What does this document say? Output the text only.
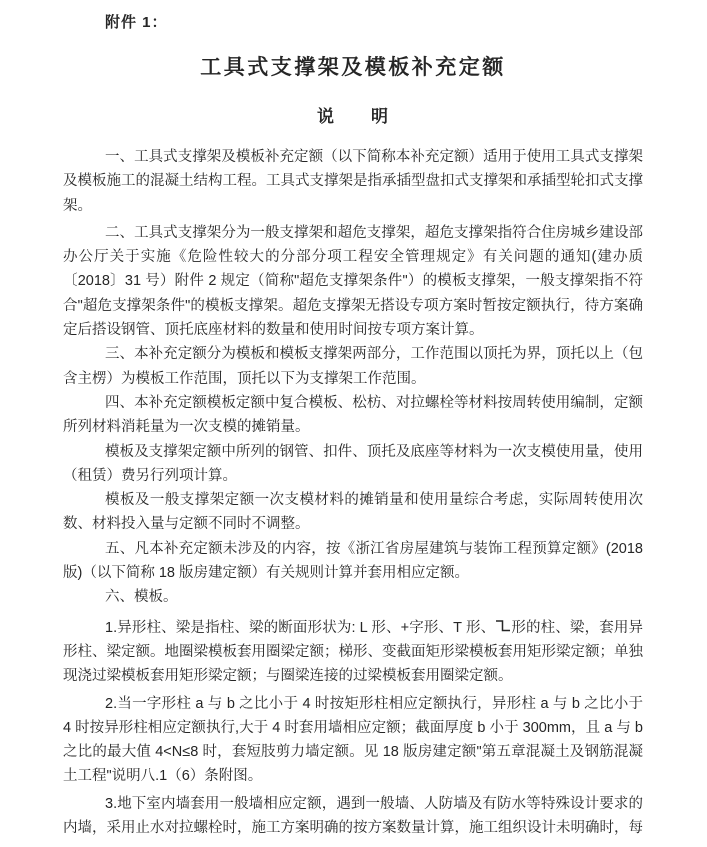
附件 1：
工具式支撑架及模板补充定额
说　　明

一、工具式支撑架及模板补充定额（以下简称本补充定额）适用于使用工具式支撑架及模板施工的混凝土结构工程。工具式支撑架是指承插型盘扣式支撑架和承插型轮扣式支撑架。

二、工具式支撑架分为一般支撑架和超危支撑架，超危支撑架指符合住房城乡建设部办公厅关于实施《危险性较大的分部分项工程安全管理规定》有关问题的通知(建办质〔2018〕31 号）附件 2 规定（简称"超危支撑架条件"）的模板支撑架，一般支撑架指不符合"超危支撑架条件"的模板支撑架。超危支撑架无搭设专项方案时暂按定额执行，待方案确定后搭设钢管、顶托底座材料的数量和使用时间按专项方案计算。

三、本补充定额分为模板和模板支撑架两部分，工作范围以顶托为界，顶托以上（包含主楞）为模板工作范围，顶托以下为支撑架工作范围。

四、本补充定额模板定额中复合模板、松枋、对拉螺栓等材料按周转使用编制，定额所列材料消耗量为一次支模的摊销量。

模板及支撑架定额中所列的钢管、扣件、顶托及底座等材料为一次支模使用量，使用（租赁）费另行列项计算。

模板及一般支撑架定额一次支模材料的摊销量和使用量综合考虑，实际周转使用次数、材料投入量与定额不同时不调整。

五、凡本补充定额未涉及的内容，按《浙江省房屋建筑与装饰工程预算定额》(2018 版)（以下简称 18 版房建定额）有关规则计算并套用相应定额。

六、模板。

1.异形柱、梁是指柱、梁的断面形状为: L 形、+字形、T 形、 形的柱、梁，套用异形柱、梁定额。地圈梁模板套用圈梁定额；梯形、变截面矩形梁模板套用矩形梁定额；单独现浇过梁模板套用矩形梁定额；与圈梁连接的过梁模板套用圈梁定额。

2.当一字形柱 a 与 b 之比小于 4 时按矩形柱相应定额执行，异形柱 a 与 b 之比小于 4 时按异形柱相应定额执行,大于 4 时套用墙相应定额；截面厚度 b 小于 300mm，且 a 与 b 之比的最大值 4<N≤8 时，套短肢剪力墙定额。见 18 版房建定额"第五章混凝土及钢筋混凝土工程"说明八.1（6）条附图。

3.地下室内墙套用一般墙相应定额，遇到一般墙、人防墙及有防水等特殊设计要求的内墙，采用止水对拉螺栓时，施工方案明确的按方案数量计算，施工组织设计未明确时，每
